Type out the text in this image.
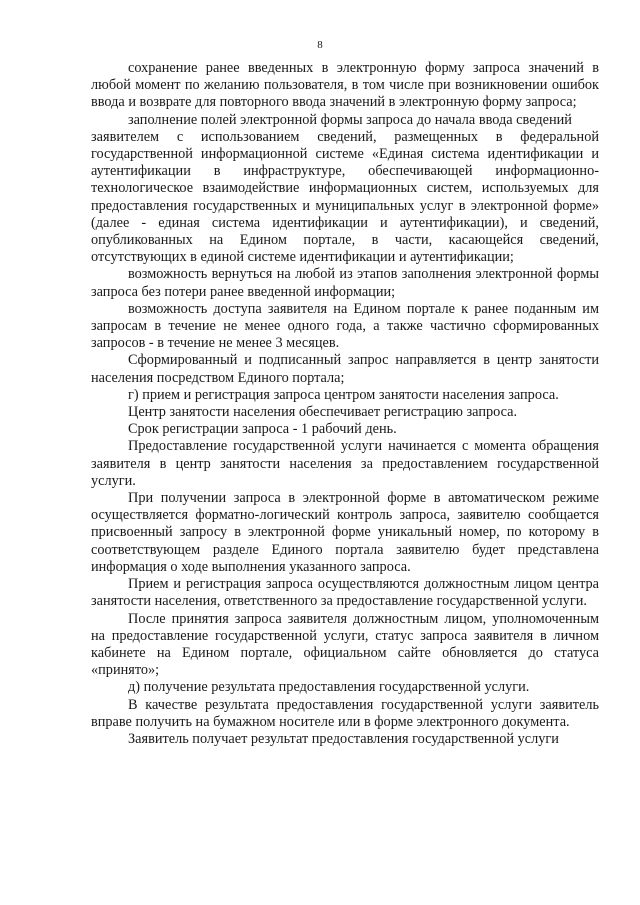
8

сохранение ранее введенных в электронную форму запроса значений в любой момент по желанию пользователя, в том числе при возникновении ошибок ввода и возврате для повторного ввода значений в электронную форму запроса;

заполнение полей электронной формы запроса до начала ввода сведений

заявителем с использованием сведений, размещенных в федеральной государственной информационной системе «Единая система идентификации и аутентификации в инфраструктуре, обеспечивающей информационно-технологическое взаимодействие информационных систем, используемых для предоставления государственных и муниципальных услуг в электронной форме» (далее - единая система идентификации и аутентификации), и сведений, опубликованных на Едином портале, в части, касающейся сведений, отсутствующих в единой системе идентификации и аутентификации;

возможность вернуться на любой из этапов заполнения электронной формы запроса без потери ранее введенной информации;

возможность доступа заявителя на Едином портале к ранее поданным им запросам в течение не менее одного года, а также частично сформированных запросов - в течение не менее 3 месяцев.

Сформированный и подписанный запрос направляется в центр занятости населения посредством Единого портала;

г) прием и регистрация запроса центром занятости населения запроса.

Центр занятости населения обеспечивает регистрацию запроса.

Срок регистрации запроса - 1 рабочий день.

Предоставление государственной услуги начинается с момента обращения заявителя в центр занятости населения за предоставлением государственной услуги.

При получении запроса в электронной форме в автоматическом режиме осуществляется форматно-логический контроль запроса, заявителю сообщается присвоенный запросу в электронной форме уникальный номер, по которому в соответствующем разделе Единого портала заявителю будет представлена информация о ходе выполнения указанного запроса.

Прием и регистрация запроса осуществляются должностным лицом центра занятости населения, ответственного за предоставление государственной услуги.

После принятия запроса заявителя должностным лицом, уполномоченным на предоставление государственной услуги, статус запроса заявителя в личном кабинете на Едином портале, официальном сайте обновляется до статуса «принято»;

д) получение результата предоставления государственной услуги.

В качестве результата предоставления государственной услуги заявитель вправе получить на бумажном носителе или в форме электронного документа.

Заявитель получает результат предоставления государственной услуги
